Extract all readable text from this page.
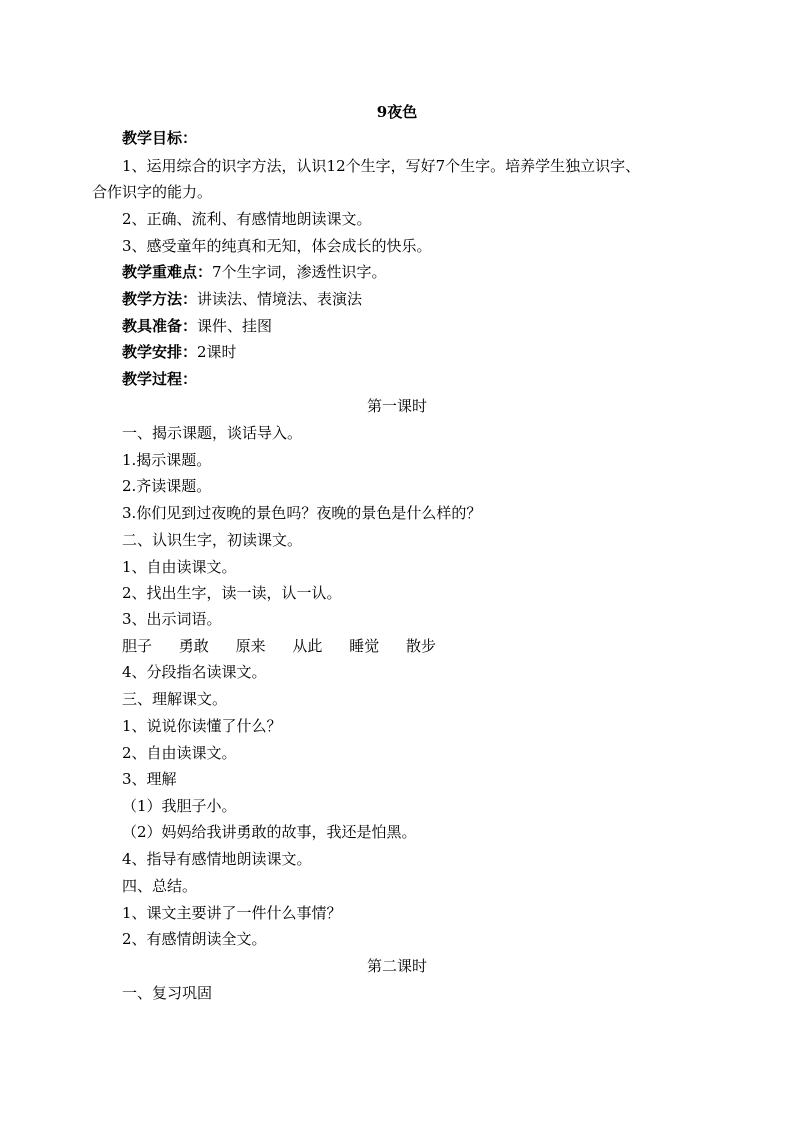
9夜色
教学目标：
1、运用综合的识字方法，认识12个生字，写好7个生字。培养学生独立识字、
合作识字的能力。
2、正确、流利、有感情地朗读课文。
3、感受童年的纯真和无知，体会成长的快乐。
教学重难点：7个生字词，渗透性识字。
教学方法：讲读法、情境法、表演法
教具准备：课件、挂图
教学安排：2课时
教学过程：
第一课时
一、揭示课题，谈话导入。
1.揭示课题。
2.齐读课题。
3.你们见到过夜晚的景色吗？夜晚的景色是什么样的？
二、认识生字，初读课文。
1、自由读课文。
2、找出生字，读一读，认一认。
3、出示词语。
胆子 勇敢 原来 从此 睡觉 散步
4、分段指名读课文。
三、理解课文。
1、说说你读懂了什么？
2、自由读课文。
3、理解
（1）我胆子小。
（2）妈妈给我讲勇敢的故事，我还是怕黑。
4、指导有感情地朗读课文。
四、总结。
1、课文主要讲了一件什么事情？
2、有感情朗读全文。
第二课时
一、复习巩固
